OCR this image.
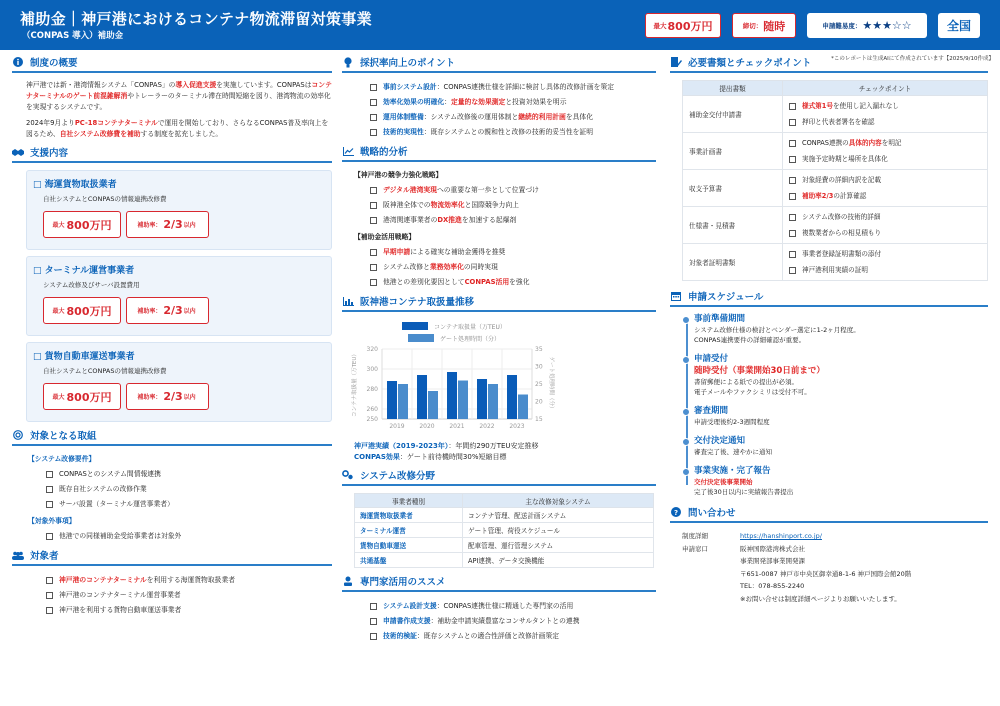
補助金｜神戸港におけるコンテナ物流滞留対策事業
（CONPAS 導入）補助金
最大 800万円	締切： 随時	申請難易度： ★★★☆☆	全国
*このレポートは生成AIにて作成されています【2025/9/10作成】
制度の概要
神戸港では新・港湾情報システム「CONPAS」の導入促進支援を実施しています。CONPASはコンテナターミナルのゲート前混雑解消やトレーラーのターミナル滞在時間短縮を図り、港湾物流の効率化を実現するシステムです。
2024年9月よりPC-18コンテナターミナルで運用を開始しており、さらなるCONPAS普及率向上を図るため、自社システム改修費を補助する制度を拡充しました。
支援内容
□ 海運貨物取扱業者
自社システムとCONPASの情報連携改修費
最大 800万円	補助率： 2/3 以内
□ ターミナル運営事業者
システム改修及びサーバ設置費用
最大 800万円	補助率： 2/3 以内
□ 貨物自動車運送事業者
自社システムとCONPASの情報連携改修費
最大 800万円	補助率： 2/3 以内
対象となる取組
【システム改修要件】
CONPASとのシステム間情報連携
既存自社システムの改修作業
サーバ設置（ターミナル運営事業者）
【対象外事項】
他港での同様補助金受給事業者は対象外
対象者
神戸港のコンテナターミナルを利用する海運貨物取扱業者
神戸港のコンテナターミナル運営事業者
神戸港を利用する貨物自動車運送事業者
採択率向上のポイント
事前システム設計：CONPAS連携仕様を詳細に検討し具体的改修計画を策定
効率化効果の明確化：定量的な効果測定と投資対効果を明示
運用体制整備：システム改修後の運用体制と継続的利用計画を具体化
技術的実現性：既存システムとの親和性と改修の技術的妥当性を証明
戦略的分析
【神戸港の競争力強化戦略】
デジタル港湾実現への重要な第一歩として位置づけ
阪神港全体での物流効率化と国際競争力向上
港湾関連事業者のDX推進を加速する起爆剤
【補助金活用戦略】
早期申請による確実な補助金獲得を推奨
システム改修と業務効率化の同時実現
他港との差別化要因としてCONPAS活用を強化
阪神港コンテナ取扱量推移
コンテナ取扱量（万TEU）
ゲート処理時間（分）
250
260
280
300
320
15
20
25
30
35
2019 2020 2021 2022 2023
コンテナ取扱量（万TEU）	ゲート処理時間（分）
神戸港実績（2019-2023年）：年間約290万TEU安定推移
CONPAS効果：ゲート前待機時間30%短縮目標
システム改修分野
事業者種別	主な改修対象システム
海運貨物取扱業者	コンテナ管理、配送計画システム
ターミナル運営	ゲート管理、荷役スケジュール
貨物自動車運送	配車管理、運行管理システム
共通基盤	API連携、データ交換機能
専門家活用のススメ
システム設計支援：CONPAS連携仕様に精通した専門家の活用
申請書作成支援：補助金申請実績豊富なコンサルタントとの連携
技術的検証：既存システムとの適合性評価と改修計画策定
必要書類とチェックポイント
提出書類	チェックポイント
補助金交付申請書	様式第1号を使用し記入漏れなし
押印と代表者署名を確認

事業計画書	CONPAS連携の具体的内容を明記
実施予定時期と場所を具体化

収支予算書	対象経費の詳細内訳を記載
補助率2/3の計算確認

仕様書・見積書	システム改修の技術的詳細
複数業者からの相見積もり

対象者証明書類	事業者登録証明書類の添付
神戸港利用実績の証明
申請スケジュール
事前準備期間
システム改修仕様の検討とベンダー選定に1-2ヶ月程度。
CONPAS連携要件の詳細確認が重要。
申請受付
随時受付（事業開始30日前まで）
書留郵便による紙での提出が必須。
電子メールやファクシミリは受付不可。
審査期間
申請受理後約2-3週間程度
交付決定通知
審査完了後、速やかに通知
事業実施・完了報告
交付決定後事業開始
完了後30日以内に実績報告書提出
? 問い合わせ
制度詳細	https://hanshinport.co.jp/
申請窓口	阪神国際港湾株式会社
事業開発部事業開発課
〒651-0087 神戸市中央区御幸通8-1-6 神戸国際会館20階
TEL：078-855-2240
※お問い合せは制度詳細ページよりお願いいたします。
